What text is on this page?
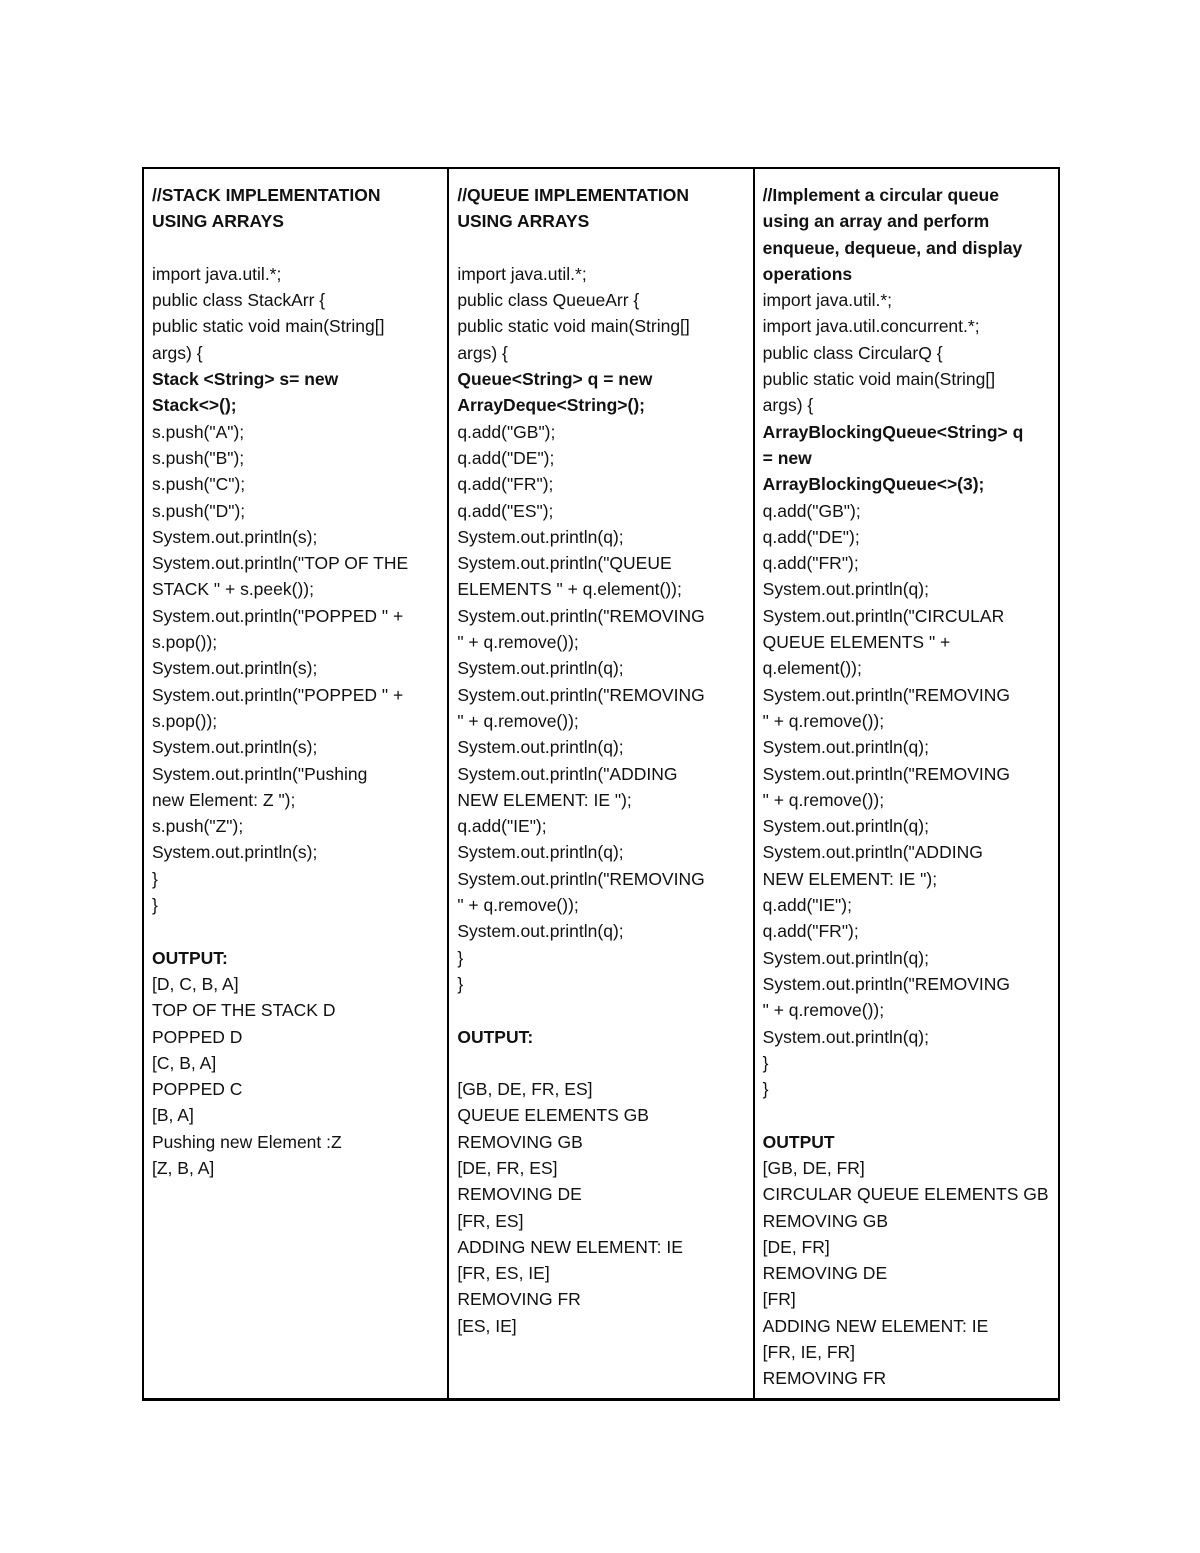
//STACK IMPLEMENTATION
USING ARRAYS
import java.util.*;
public class StackArr {
public static void main(String[]
args) {
Stack <String> s= new
Stack<>();
s.push("A");
s.push("B");
s.push("C");
s.push("D");
System.out.println(s);
System.out.println("TOP OF THE
STACK " + s.peek());
System.out.println("POPPED " +
s.pop());
System.out.println(s);
System.out.println("POPPED " +
s.pop());
System.out.println(s);
System.out.println("Pushing
new Element: Z ");
s.push("Z");
System.out.println(s);
}
}
OUTPUT:
[D, C, B, A]
TOP OF THE STACK D
POPPED D
[C, B, A]
POPPED C
[B, A]
Pushing new Element :Z
[Z, B, A]
//QUEUE IMPLEMENTATION
USING ARRAYS
import java.util.*;
public class QueueArr {
public static void main(String[]
args) {
Queue<String> q = new
ArrayDeque<String>();
q.add("GB");
q.add("DE");
q.add("FR");
q.add("ES");
System.out.println(q);
System.out.println("QUEUE
ELEMENTS " + q.element());
System.out.println("REMOVING
" + q.remove());
System.out.println(q);
System.out.println("REMOVING
" + q.remove());
System.out.println(q);
System.out.println("ADDING
NEW ELEMENT: IE ");
q.add("IE");
System.out.println(q);
System.out.println("REMOVING
" + q.remove());
System.out.println(q);
}
}
OUTPUT:
[GB, DE, FR, ES]
QUEUE ELEMENTS GB
REMOVING GB
[DE, FR, ES]
REMOVING DE
[FR, ES]
ADDING NEW ELEMENT: IE
[FR, ES, IE]
REMOVING FR
[ES, IE]
//Implement a circular queue
using an array and perform
enqueue, dequeue, and display
operations
import java.util.*;
import java.util.concurrent.*;
public class CircularQ {
public static void main(String[]
args) {
ArrayBlockingQueue<String> q
= new
ArrayBlockingQueue<>(3);
q.add("GB");
q.add("DE");
q.add("FR");
System.out.println(q);
System.out.println("CIRCULAR
QUEUE ELEMENTS " +
q.element());
System.out.println("REMOVING
" + q.remove());
System.out.println(q);
System.out.println("REMOVING
" + q.remove());
System.out.println(q);
System.out.println("ADDING
NEW ELEMENT: IE ");
q.add("IE");
q.add("FR");
System.out.println(q);
System.out.println("REMOVING
" + q.remove());
System.out.println(q);
}
}
OUTPUT
[GB, DE, FR]
CIRCULAR QUEUE ELEMENTS GB
REMOVING GB
[DE, FR]
REMOVING DE
[FR]
ADDING NEW ELEMENT: IE
[FR, IE, FR]
REMOVING FR
